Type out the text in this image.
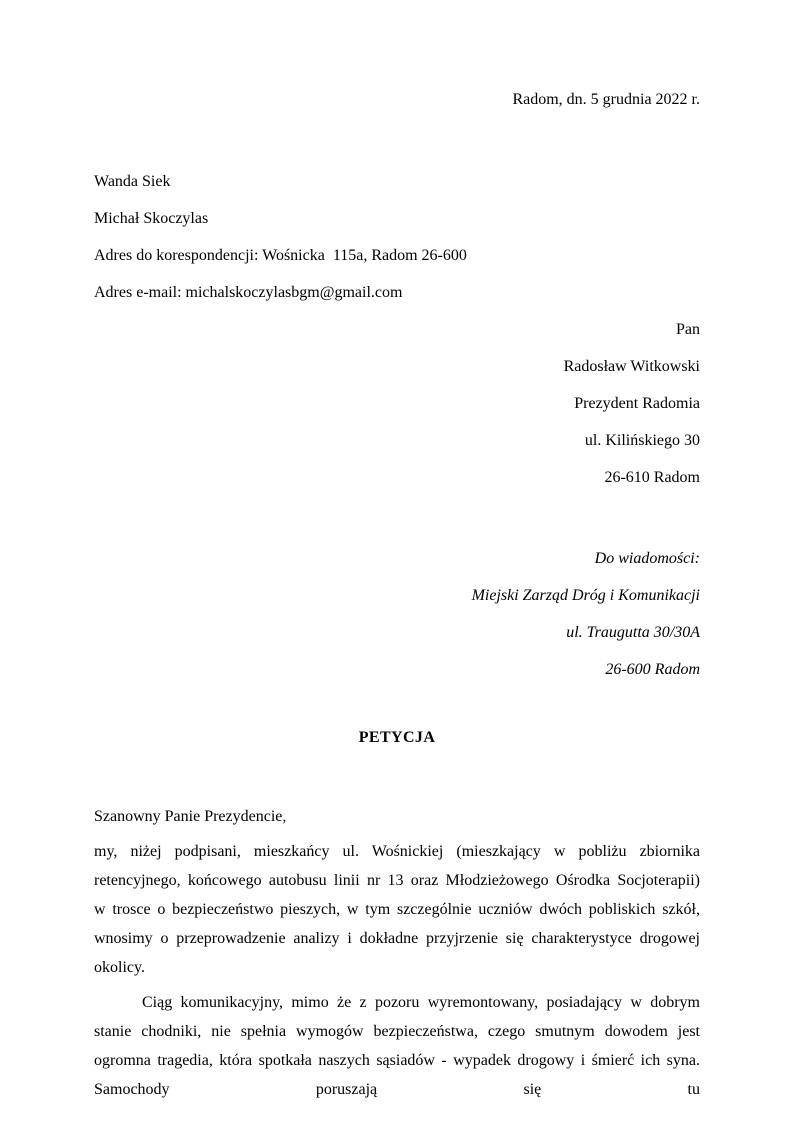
Radom, dn. 5 grudnia 2022 r.
Wanda Siek
Michał Skoczylas
Adres do korespondencji: Wośnicka  115a, Radom 26-600
Adres e-mail: michalskoczylasbgm@gmail.com
Pan
Radosław Witkowski
Prezydent Radomia
ul. Kilińskiego 30
26-610 Radom
Do wiadomości:
Miejski Zarząd Dróg i Komunikacji
ul. Traugutta 30/30A
26-600 Radom
PETYCJA

Szanowny Panie Prezydencie,

my, niżej podpisani, mieszkańcy ul. Wośnickiej (mieszkający w pobliżu zbiornika retencyjnego, końcowego autobusu linii nr 13 oraz Młodzieżowego Ośrodka Socjoterapii) w trosce o bezpieczeństwo pieszych, w tym szczególnie uczniów dwóch pobliskich szkół, wnosimy o przeprowadzenie analizy i dokładne przyjrzenie się charakterystyce drogowej okolicy.

Ciąg komunikacyjny, mimo że z pozoru wyremontowany, posiadający w dobrym stanie chodniki, nie spełnia wymogów bezpieczeństwa, czego smutnym dowodem jest ogromna tragedia, która spotkała naszych sąsiadów - wypadek drogowy i śmierć ich syna. Samochody poruszają się tu
